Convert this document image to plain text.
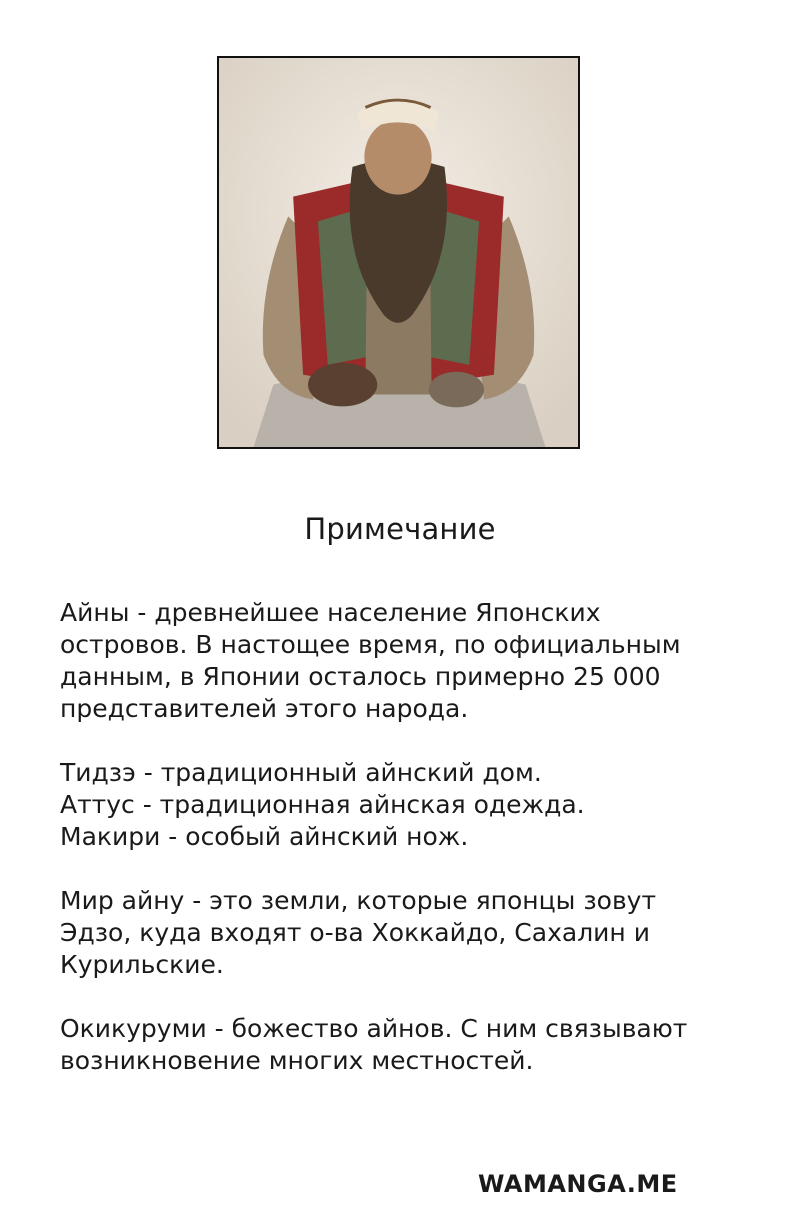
Примечание

Айны - древнейшее население Японских
островов. В настощее время, по официальным
данным, в Японии осталось примерно 25 000
представителей этого народа.

Тидзэ - традиционный айнский дом.
Аттус - традиционная айнская одежда.
Макири - особый айнский нож.

Мир айну - это земли, которые японцы зовут
Эдзо, куда входят о-ва Хоккайдо, Сахалин и
Курильские.

Окикуруми - божество айнов. С ним связывают
возникновение многих местностей.

WAMANGA.ME
